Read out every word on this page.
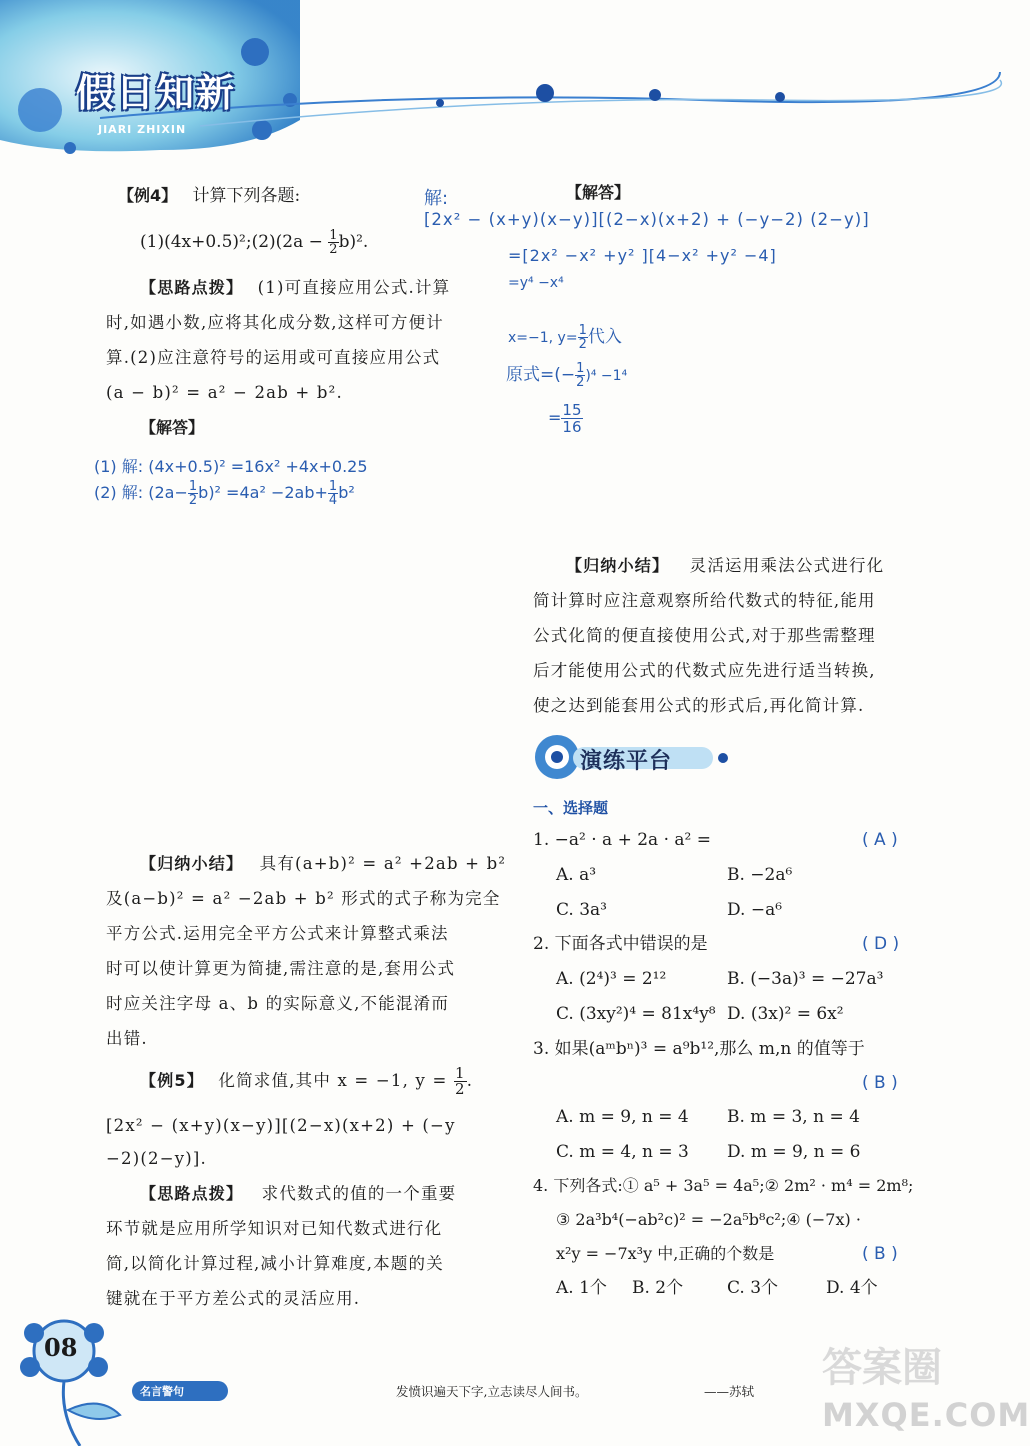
假日知新
JIARI ZHIXIN
【例4】 计算下列各题:
(1)(4x+0.5)²;(2)(2a − $\frac{1}{2} b)^2$.
【思路点拨】 (1)可直接应用公式.计算
时,如遇小数,应将其化成分数,这样可方便计
算.(2)应注意符号的运用或可直接应用公式
(a − b)² = a² − 2ab + b².
【解答】
(1) 解: (4x+0.5)² =16x² +4x+0.25
(2) 解: $(2a- \frac{1}{2} b)^2 =4a^2 -2ab+ \frac{1}{4} b^2$
【归纳小结】 具有(a+b)² = a² +2ab + b²
及(a−b)² = a² −2ab + b² 形式的式子称为完全
平方公式.运用完全平方公式来计算整式乘法
时可以使计算更为简捷,需注意的是,套用公式
时应关注字母 a、b 的实际意义,不能混淆而
出错.
【例5】 化简求值,其中 x = −1, $y = \frac{1}{2}$ .
[2x² − (x+y)(x−y)][(2−x)(x+2) + (−y
−2)(2−y)].
【思路点拨】 求代数式的值的一个重要
环节就是应用所学知识对已知代数式进行化
简,以简化计算过程,减小计算难度,本题的关
键就在于平方差公式的灵活应用.
解:	【解答】
[2x² − (x+y)(x−y)][(2−x)(x+2) + (−y−2) (2−y)]
=[2x² −x² +y² ][4−x² +y² −4]
=y⁴ −x⁴
x=−1, $y= \frac{1}{2}$ 代入
原式=(− $\frac{1}{2} )^4 -1^4$
= $\frac{15}{16}$
【归纳小结】 灵活运用乘法公式进行化
简计算时应注意观察所给代数式的特征,能用
公式化简的便直接使用公式,对于那些需整理
后才能使用公式的代数式应先进行适当转换,
使之达到能套用公式的形式后,再化简计算.
演练平台
一、选择题
1. −a² · a + 2a · a² =	( A )
A. a³	B. −2a⁶
C. 3a³	D. −a⁶
2. 下面各式中错误的是	( D )
A. (2⁴)³ = 2¹²	B. (−3a)³ = −27a³
C. (3xy²)⁴ = 81x⁴y⁸ D. (3x)² = 6x²
3. 如果(aᵐbⁿ)³ = a⁹b¹²,那么 m,n 的值等于
( B )
A. m = 9, n = 4 B. m = 3, n = 4
C. m = 4, n = 3 D. m = 9, n = 6
4. 下列各式:① a⁵ + 3a⁵ = 4a⁵;② 2m² · m⁴ = 2m⁸;
③ 2a³b⁴(−ab²c)² = −2a⁵b⁸c²;④ (−7x) ·
x²y = −7x³y 中,正确的个数是	( B )
A. 1个 B. 2个	C. 3个	D. 4个
08
名言警句	发愤识遍天下字,立志读尽人间书。	——苏轼
答案圈
MXQE.COM
